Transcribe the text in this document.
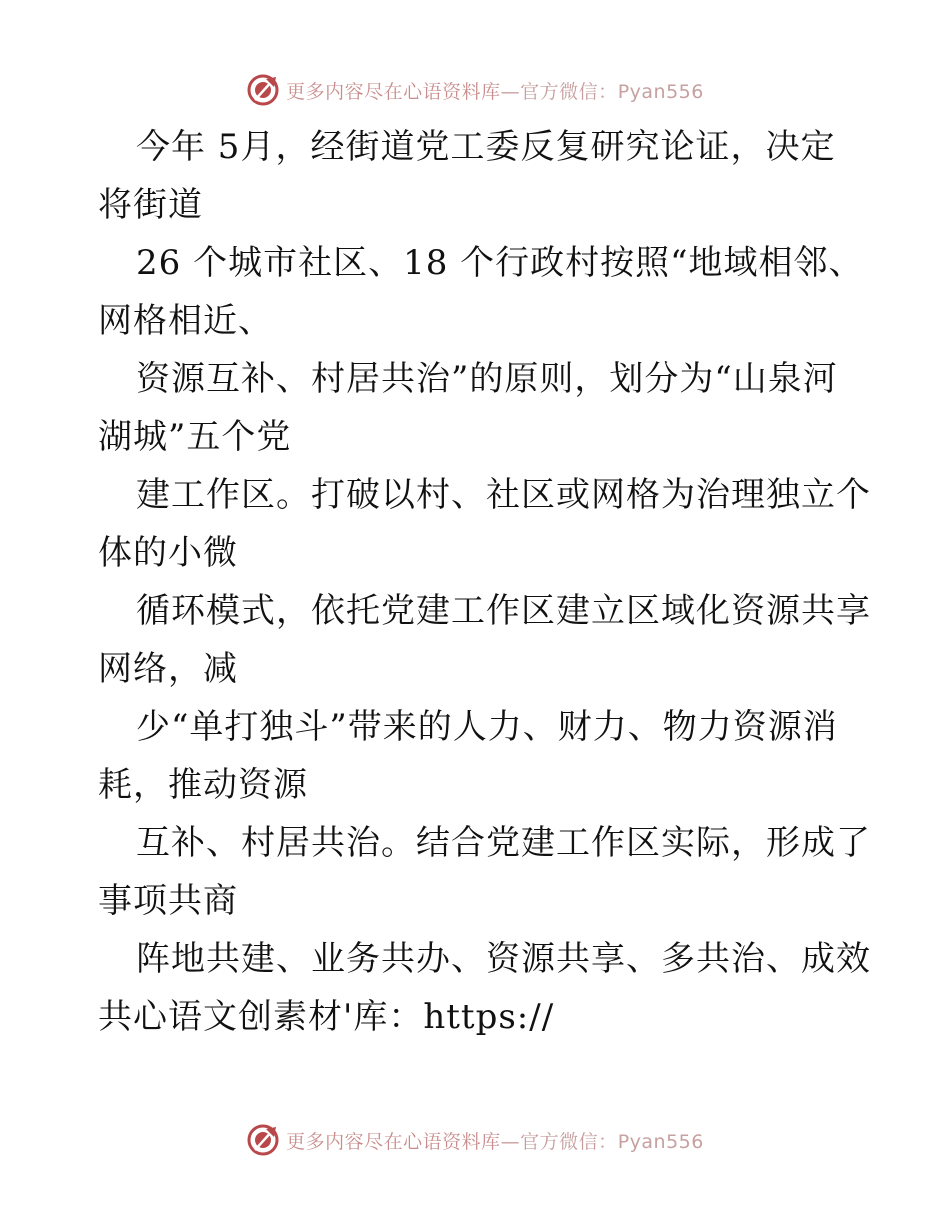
更多内容尽在心语资料库—官方微信：Pyan556
今年 5月，经街道党工委反复研究论证，决定
将街道
26 个城市社区、18 个行政村按照“地域相邻、
网格相近、
资源互补、村居共治”的原则，划分为“山泉河
湖城”五个党
建工作区。打破以村、社区或网格为治理独立个
体的小微
循环模式，依托党建工作区建立区域化资源共享
网络，减
少“单打独斗”带来的人力、财力、物力资源消
耗，推动资源
互补、村居共治。结合党建工作区实际，形成了
事项共商
阵地共建、业务共办、资源共享、多共治、成效
共心语文创素材'库：https://
更多内容尽在心语资料库—官方微信：Pyan556
